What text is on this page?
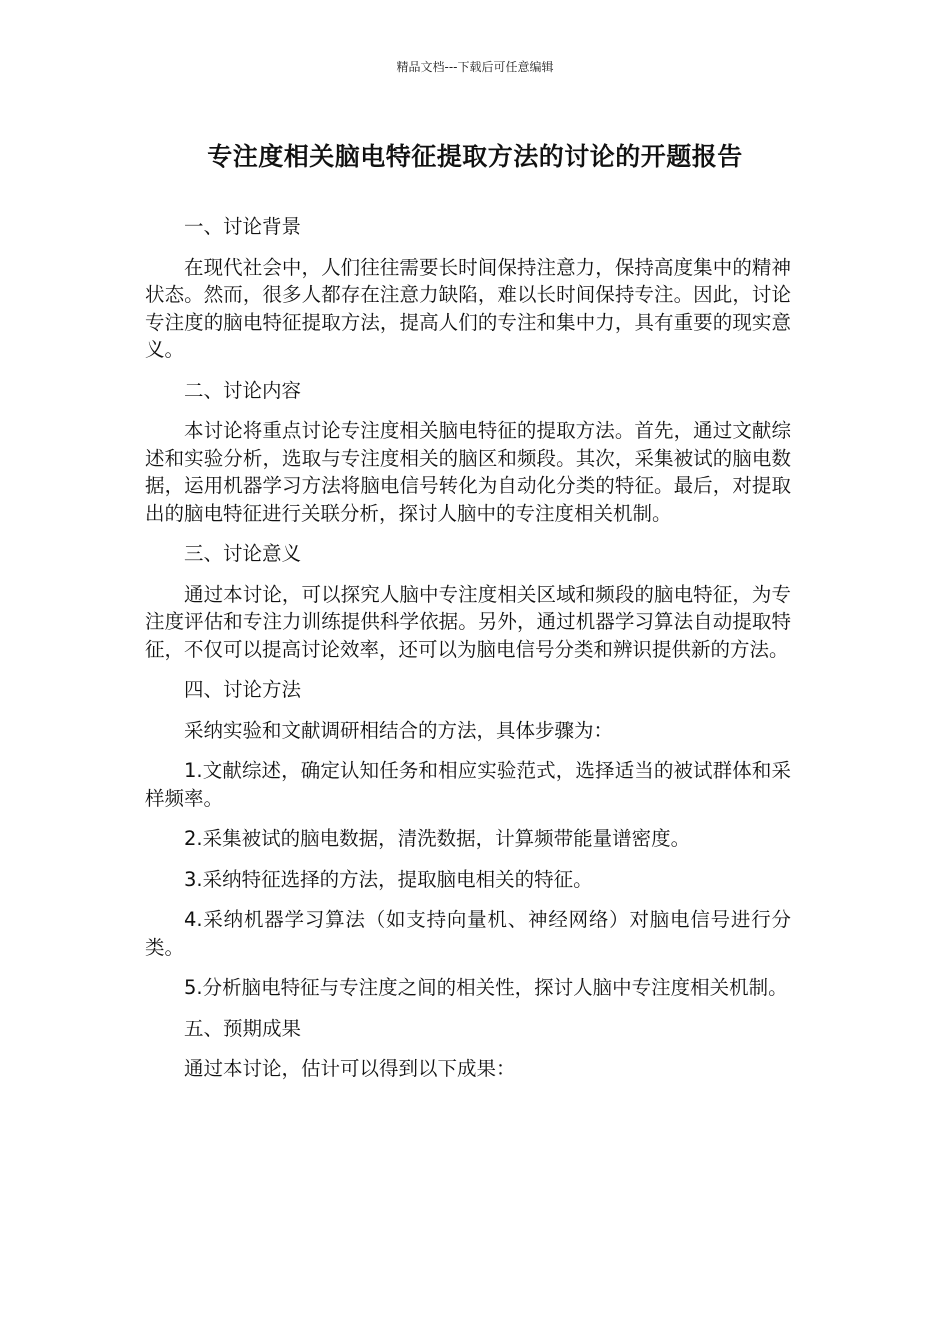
精品文档---下载后可任意编辑
专注度相关脑电特征提取方法的讨论的开题报告
一、讨论背景

在现代社会中，人们往往需要长时间保持注意力，保持高度集中的精神状态。然而，很多人都存在注意力缺陷，难以长时间保持专注。因此，讨论专注度的脑电特征提取方法，提高人们的专注和集中力，具有重要的现实意义。

二、讨论内容

本讨论将重点讨论专注度相关脑电特征的提取方法。首先，通过文献综述和实验分析，选取与专注度相关的脑区和频段。其次，采集被试的脑电数据，运用机器学习方法将脑电信号转化为自动化分类的特征。最后，对提取出的脑电特征进行关联分析，探讨人脑中的专注度相关机制。

三、讨论意义

通过本讨论，可以探究人脑中专注度相关区域和频段的脑电特征，为专注度评估和专注力训练提供科学依据。另外，通过机器学习算法自动提取特征，不仅可以提高讨论效率，还可以为脑电信号分类和辨识提供新的方法。

四、讨论方法

采纳实验和文献调研相结合的方法，具体步骤为：

1.文献综述，确定认知任务和相应实验范式，选择适当的被试群体和采样频率。

2.采集被试的脑电数据，清洗数据，计算频带能量谱密度。

3.采纳特征选择的方法，提取脑电相关的特征。

4.采纳机器学习算法（如支持向量机、神经网络）对脑电信号进行分类。

5.分析脑电特征与专注度之间的相关性，探讨人脑中专注度相关机制。

五、预期成果

通过本讨论，估计可以得到以下成果：
